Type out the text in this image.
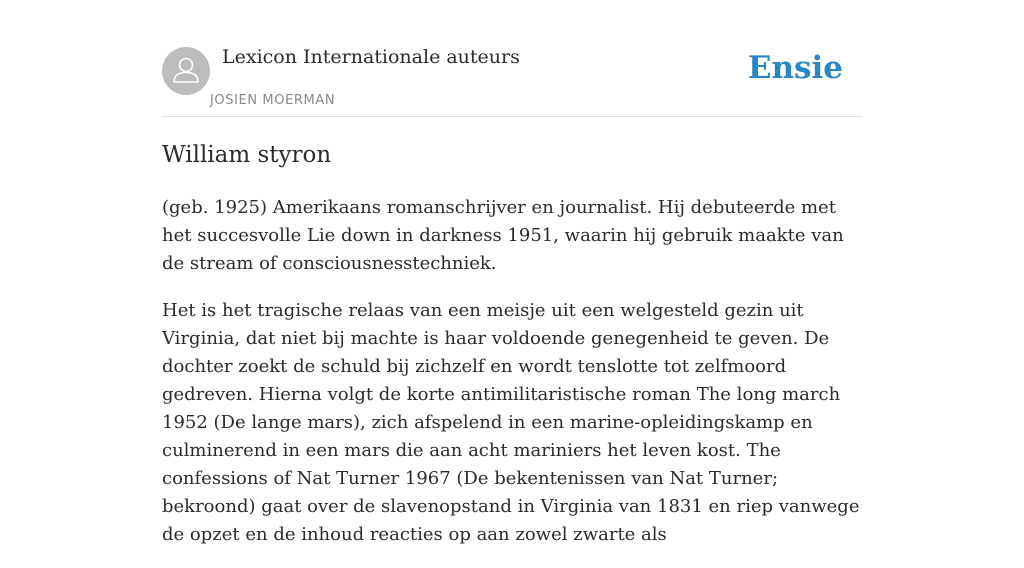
Lexicon Internationale auteurs
JOSIEN MOERMAN
Ensie
William styron

(geb. 1925) Amerikaans romanschrijver en journalist. Hij debuteerde met het succesvolle Lie down in darkness 1951, waarin hij gebruik maakte van de stream of consciousnesstechniek.

Het is het tragische relaas van een meisje uit een welgesteld gezin uit Virginia, dat niet bij machte is haar voldoende genegenheid te geven. De dochter zoekt de schuld bij zichzelf en wordt tenslotte tot zelfmoord gedreven. Hierna volgt de korte antimilitaristische roman The long march 1952 (De lange mars), zich afspelend in een marine-opleidingskamp en culminerend in een mars die aan acht mariniers het leven kost. The confessions of Nat Turner 1967 (De bekentenissen van Nat Turner; bekroond) gaat over de slavenopstand in Virginia van 1831 en riep vanwege de opzet en de inhoud reacties op aan zowel zwarte als
